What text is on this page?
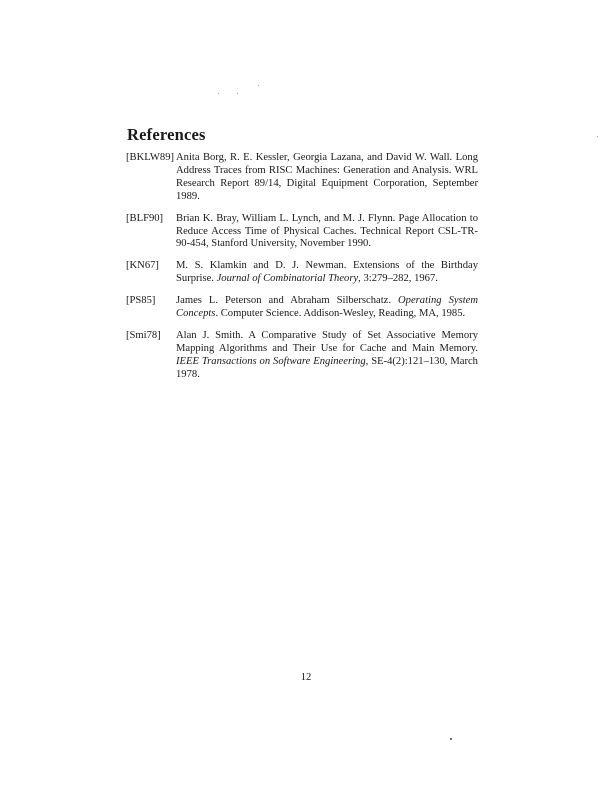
References
[BKLW89] Anita Borg, R. E. Kessler, Georgia Lazana, and David W. Wall. Long Address Traces from RISC Machines: Generation and Analysis. WRL Research Report 89/14, Digital Equipment Corporation, September 1989.
[BLF90] Brian K. Bray, William L. Lynch, and M. J. Flynn. Page Allocation to Reduce Access Time of Physical Caches. Technical Report CSL-TR-90-454, Stanford University, November 1990.
[KN67] M. S. Klamkin and D. J. Newman. Extensions of the Birthday Surprise. Journal of Combinatorial Theory, 3:279–282, 1967.
[PS85] James L. Peterson and Abraham Silberschatz. Operating System Concepts. Computer Science. Addison-Wesley, Reading, MA, 1985.
[Smi78] Alan J. Smith. A Comparative Study of Set Associative Memory Mapping Algorithms and Their Use for Cache and Main Memory. IEEE Transactions on Software Engineering, SE-4(2):121–130, March 1978.
12
